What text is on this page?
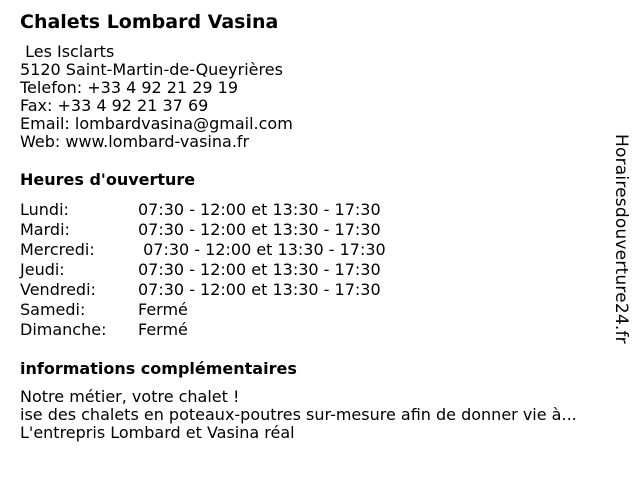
Chalets Lombard Vasina
Les Isclarts
5120 Saint-Martin-de-Queyrières
Telefon: +33 4 92 21 29 19
Fax: +33 4 92 21 37 69
Email: lombardvasina@gmail.com
Web: www.lombard-vasina.fr
Heures d'ouverture
Lundi:	07:30 - 12:00 et 13:30 - 17:30
Mardi:	07:30 - 12:00 et 13:30 - 17:30
Mercredi:	07:30 - 12:00 et 13:30 - 17:30
Jeudi:	07:30 - 12:00 et 13:30 - 17:30
Vendredi:	07:30 - 12:00 et 13:30 - 17:30
Samedi:	Fermé
Dimanche:	Fermé
informations complémentaires
Notre métier, votre chalet !
ise des chalets en poteaux-poutres sur-mesure afin de donner vie à...
L'entrepris Lombard et Vasina réal
Horairesdouverture24.fr
